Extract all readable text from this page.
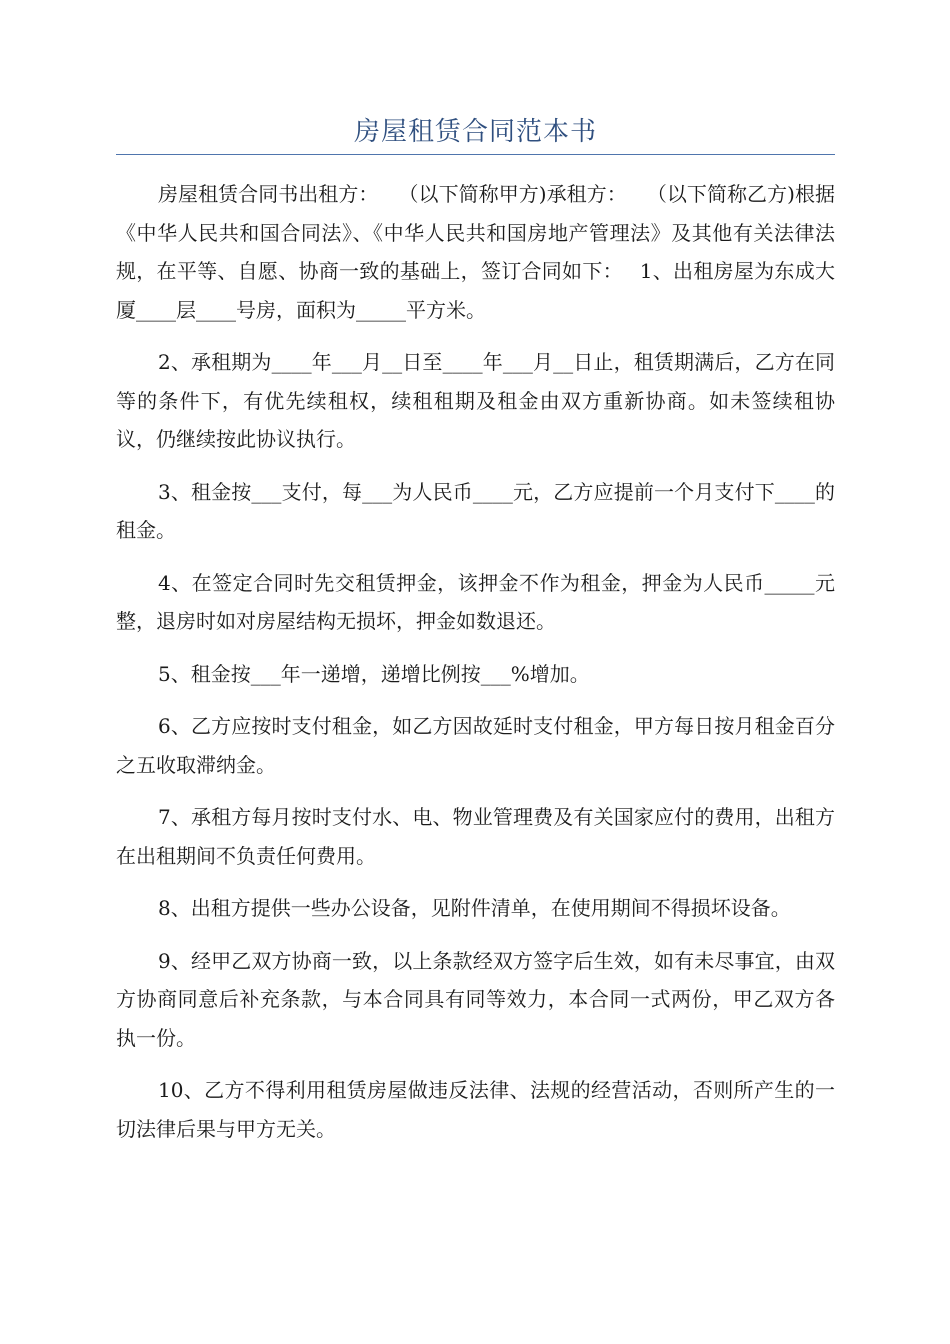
房屋租赁合同范本书

房屋租赁合同书出租方：　　（以下简称甲方)承租方：　　（以下简称乙方)根据《中华人民共和国合同法》、《中华人民共和国房地产管理法》及其他有关法律法规，在平等、自愿、协商一致的基础上，签订合同如下：　 1、出租房屋为东成大厦____层____号房，面积为_____平方米。

2、承租期为____年___月__日至____年___月__日止，租赁期满后，乙方在同等的条件下，有优先续租权，续租租期及租金由双方重新协商。如未签续租协议，仍继续按此协议执行。

3、租金按___支付，每___为人民币____元，乙方应提前一个月支付下____的租金。

4、在签定合同时先交租赁押金，该押金不作为租金，押金为人民币_____元整，退房时如对房屋结构无损坏，押金如数退还。

5、租金按___年一递增，递增比例按___%增加。

6、乙方应按时支付租金，如乙方因故延时支付租金，甲方每日按月租金百分之五收取滞纳金。

7、承租方每月按时支付水、电、物业管理费及有关国家应付的费用，出租方在出租期间不负责任何费用。

8、出租方提供一些办公设备，见附件清单，在使用期间不得损坏设备。

9、经甲乙双方协商一致，以上条款经双方签字后生效，如有未尽事宜，由双方协商同意后补充条款，与本合同具有同等效力，本合同一式两份，甲乙双方各执一份。

10、乙方不得利用租赁房屋做违反法律、法规的经营活动，否则所产生的一切法律后果与甲方无关。
